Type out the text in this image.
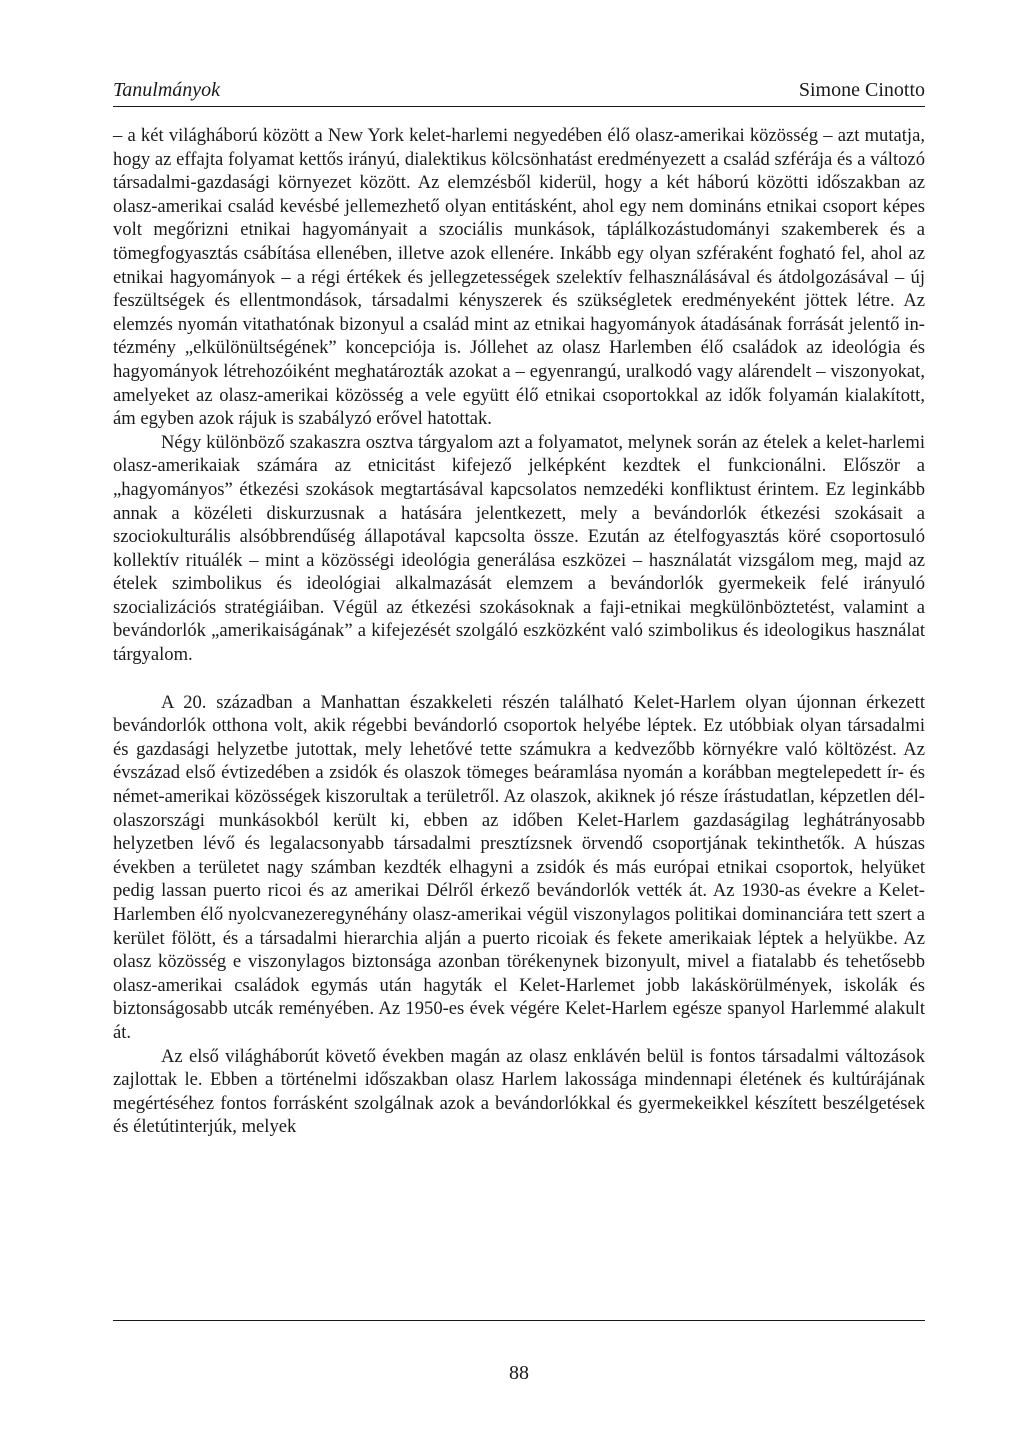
Tanulmányok	Simone Cinotto

– a két világháború között a New York kelet-harlemi negyedében élő olasz-amerikai közösség – azt mutatja, hogy az effajta folyamat kettős irányú, dialektikus kölcsönhatást eredményezett a család szférája és a változó társadalmi-gazdasági környezet között. Az elemzésből kiderül, hogy a két háború közötti időszakban az olasz-amerikai család kevésbé jellemezhető olyan entitásként, ahol egy nem domináns etnikai csoport képes volt megőrizni etnikai hagyományait a szociális munkások, táplálkozástudományi szakemberek és a tömegfogyasztás csábítása ellenében, illetve azok ellenére. Inkább egy olyan szféraként fogható fel, ahol az etnikai hagyományok – a régi értékek és jellegzetességek szelektív felhasználásával és átdolgozásával – új feszültségek és ellentmondások, társadalmi kényszerek és szükségletek eredményeként jöttek létre. Az elemzés nyomán vitathatónak bizonyul a család mint az etnikai hagyományok átadásának forrását jelentő intézmény „elkülönültségének” koncepciója is. Jóllehet az olasz Harlemben élő családok az ideológia és hagyományok létrehozóiként meghatározták azokat a – egyenrangú, uralkodó vagy alárendelt – viszonyokat, amelyeket az olasz-amerikai közösség a vele együtt élő etnikai csoportokkal az idők folyamán kialakított, ám egyben azok rájuk is szabályzó erővel hatottak.

Négy különböző szakaszra osztva tárgyalom azt a folyamatot, melynek során az ételek a kelet-harlemi olasz-amerikaiak számára az etnicitást kifejező jelképként kezdtek el funkcionálni. Először a „hagyományos” étkezési szokások megtartásával kapcsolatos nemzedéki konfliktust érintem. Ez leginkább annak a közéleti diskurzusnak a hatására jelentkezett, mely a bevándorlók étkezési szokásait a szociokulturális alsóbbrendűség állapotával kapcsolta össze. Ezután az ételfogyasztás köré csoportosuló kollektív rituálék – mint a közösségi ideológia generálása eszközei – használatát vizsgálom meg, majd az ételek szimbolikus és ideológiai alkalmazását elemzem a bevándorlók gyermekeik felé irányuló szocializációs stratégiáiban. Végül az étkezési szokásoknak a faji-etnikai megkülönböztetést, valamint a bevándorlók „amerikaiságának” a kifejezését szolgáló eszközként való szimbolikus és ideologikus használat tárgyalom.

A 20. században a Manhattan északkeleti részén található Kelet-Harlem olyan újonnan érkezett bevándorlók otthona volt, akik régebbi bevándorló csoportok helyébe léptek. Ez utóbbiak olyan társadalmi és gazdasági helyzetbe jutottak, mely lehetővé tette számukra a kedvezőbb környékre való költözést. Az évszázad első évtizedében a zsidók és olaszok tömeges beáramlása nyomán a korábban megtelepedett ír- és német-amerikai közösségek kiszorultak a területről. Az olaszok, akiknek jó része írástudatlan, képzetlen dél-olaszországi munkásokból került ki, ebben az időben Kelet-Harlem gazdaságilag leghátrányosabb helyzetben lévő és legalacsonyabb társadalmi presztízsnek örvendő csoportjának tekinthetők. A húszas években a területet nagy számban kezdték elhagyni a zsidók és más európai etnikai csoportok, helyüket pedig lassan puerto ricoi és az amerikai Délről érkező bevándorlók vették át. Az 1930-as évekre a Kelet-Harlemben élő nyolcvanezeregynéhány olasz-amerikai végül viszonylagos politikai dominanciára tett szert a kerület fölött, és a társadalmi hierarchia alján a puerto ricoiak és fekete amerikaiak léptek a helyükbe. Az olasz közösség e viszonylagos biztonsága azonban törékenynek bizonyult, mivel a fiatalabb és tehetősebb olasz-amerikai családok egymás után hagyták el Kelet-Harlemet jobb lakáskörülmények, iskolák és biztonságosabb utcák reményében. Az 1950-es évek végére Kelet-Harlem egésze spanyol Harlemmé alakult át.

Az első világháborút követő években magán az olasz enklávén belül is fontos társadalmi változások zajlottak le. Ebben a történelmi időszakban olasz Harlem lakossága mindennapi életének és kultúrájának megértéséhez fontos forrásként szolgálnak azok a bevándorlókkal és gyermekeikkel készített beszélgetések és életútinterjúk, melyek

88
